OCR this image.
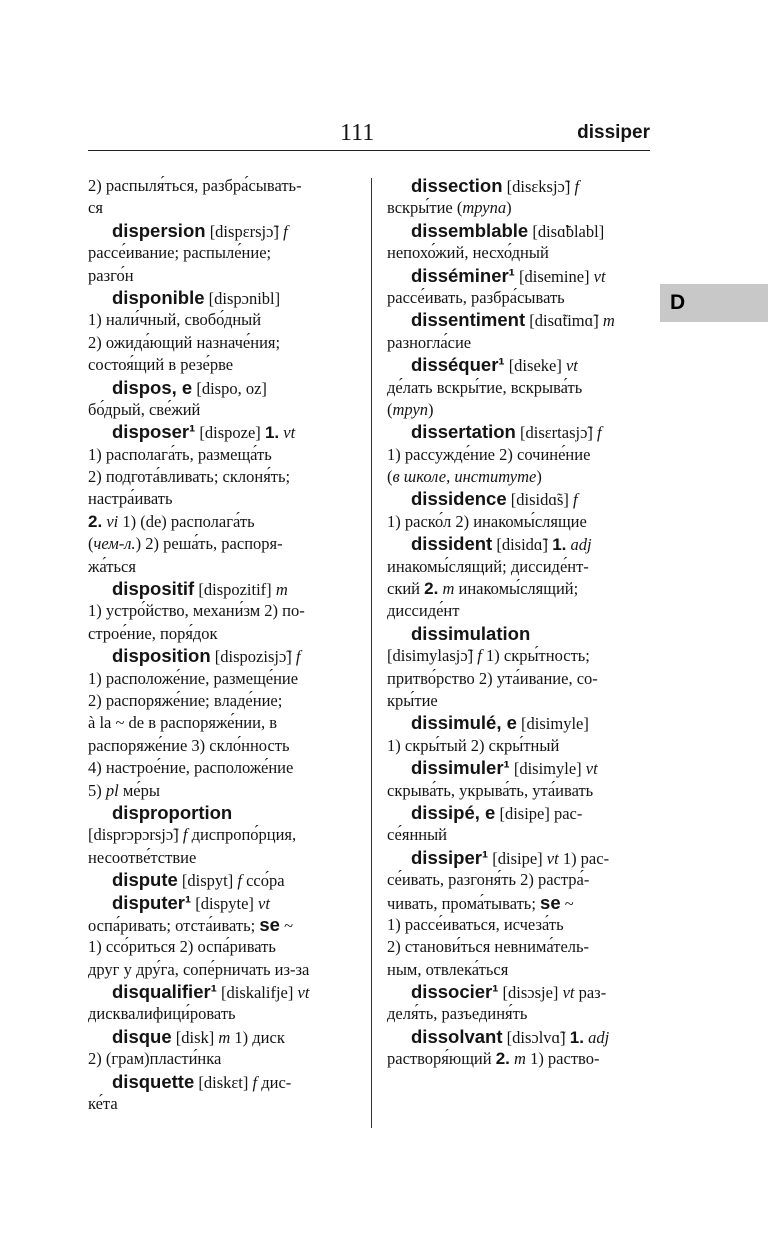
111	dissiper
D
2) распыля́ться, разбра́сывать-
ся
dispersion [dispɛrsjɔ̃] f
рассе́ивание; распыле́ние;
разго́н
disponible [dispɔnibl]
1) нали́чный, свобо́дный
2) ожида́ющий назначе́ния;
состоя́щий в резе́рве
dispos, e [dispo, oz]
бо́дрый, све́жий
disposer¹ [dispoze] 1. vt
1) располага́ть, размеща́ть
2) подгота́вливать; склоня́ть;
настра́ивать
2. vi 1) (de) располага́ть
(чем-л.) 2) реша́ть, распоря-
жа́ться
dispositif [dispozitif] m
1) устро́йство, механи́зм 2) по-
строе́ние, поря́док
disposition [dispozisjɔ̃] f
1) расположе́ние, размеще́ние
2) распоряже́ние; владе́ние;
à la ~ de в распоряже́нии, в
распоряже́ние 3) скло́нность
4) настрое́ние, расположе́ние
5) pl ме́ры
disproportion
[disprɔpɔrsjɔ̃] f диспропо́рция,
несоотве́тствие
dispute [dispyt] f ссо́ра
disputer¹ [dispyte] vt
оспа́ривать; отста́ивать; se ~
1) ссо́риться 2) оспа́ривать
друг у дру́га, сопе́рничать из-за
disqualifier¹ [diskalifje] vt
дисквалифици́ровать
disque [disk] m 1) диск
2) (грам)пласти́нка
disquette [diskɛt] f дис-
ке́та
dissection [disɛksjɔ̃] f
вскры́тие (трупа)
dissemblable [disɑ̃blabl]
непохо́жий, несхо́дный
disséminer¹ [disemine] vt
рассе́ивать, разбра́сывать
dissentiment [disɑ̃timɑ̃] m
разногла́сие
disséquer¹ [diseke] vt
де́лать вскры́тие, вскрыва́ть
(труп)
dissertation [disɛrtasjɔ̃] f
1) рассужде́ние 2) сочине́ние
(в школе, институте)
dissidence [disidɑ̃s] f
1) раско́л 2) инакомы́слящие
dissident [disidɑ̃] 1. adj
инакомы́слящий; диссиде́нт-
ский 2. m инакомы́слящий;
диссиде́нт
dissimulation
[disimylasjɔ̃] f 1) скры́тность;
притво́рство 2) ута́ивание, со-
кры́тие
dissimulé, e [disimyle]
1) скры́тый 2) скры́тный
dissimuler¹ [disimyle] vt
скрыва́ть, укрыва́ть, ута́ивать
dissipé, e [disipe] рас-
се́янный
dissiper¹ [disipe] vt 1) рас-
се́ивать, разгоня́ть 2) растра́-
чивать, прома́тывать; se ~
1) рассе́иваться, исчеза́ть
2) станови́ться невнима́тель-
ным, отвлека́ться
dissocier¹ [disɔsje] vt раз-
деля́ть, разъединя́ть
dissolvant [disɔlvɑ̃] 1. adj
растворя́ющий 2. m 1) раство-
